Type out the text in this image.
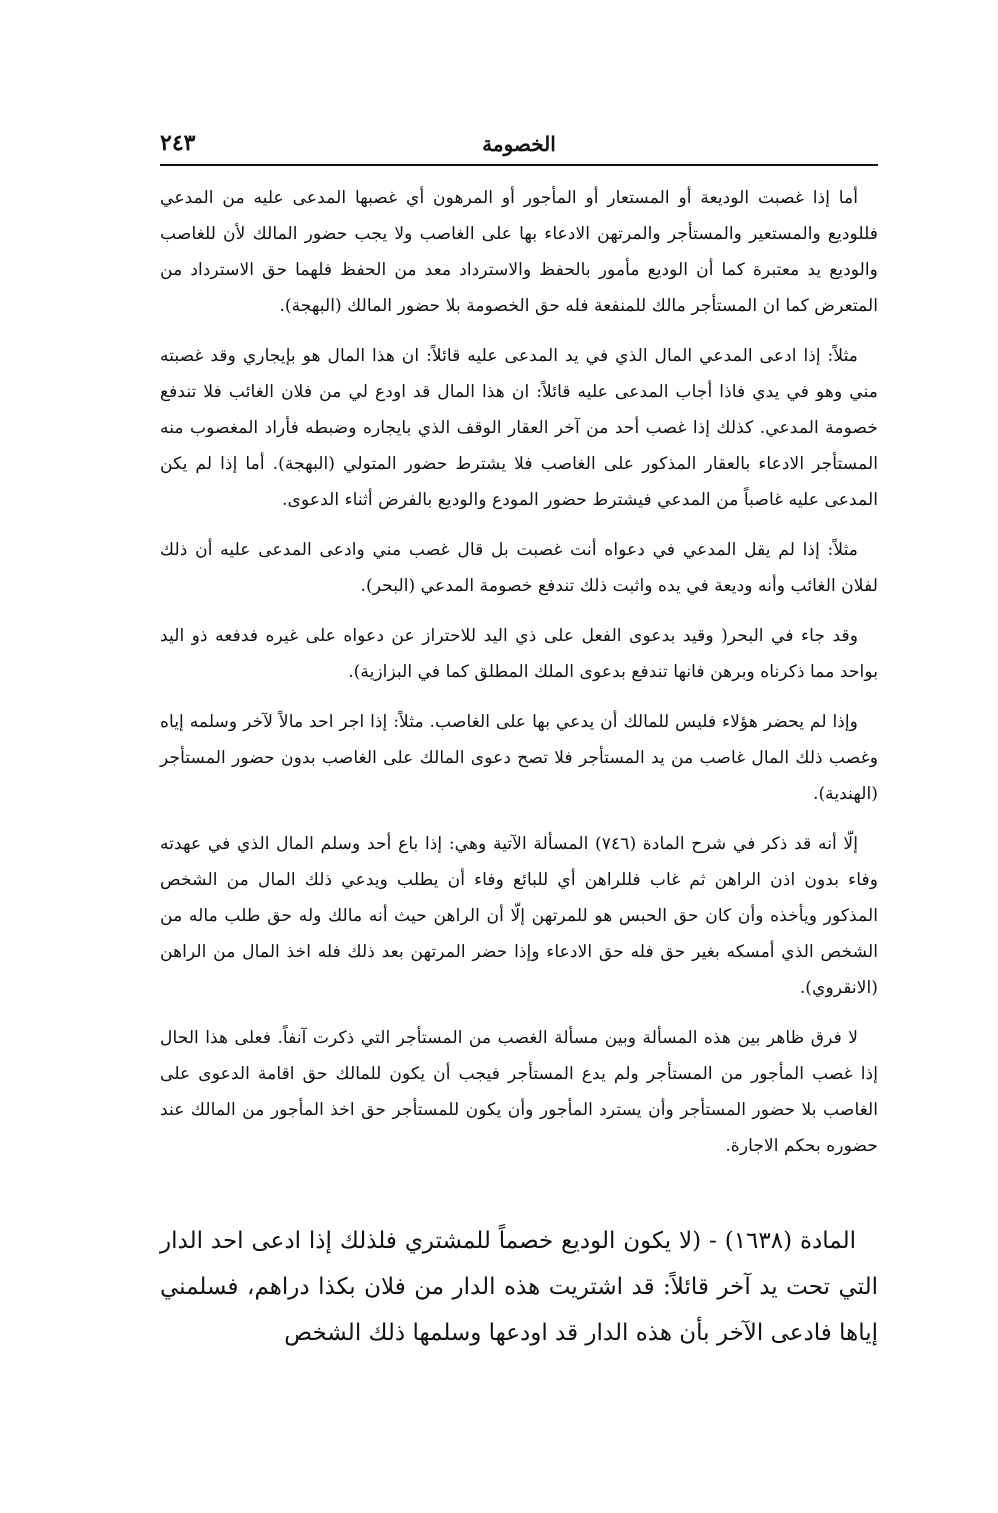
الخصومة
٢٤٣

أما إذا غصبت الوديعة أو المستعار أو المأجور أو المرهون أي غصبها المدعى عليه من المدعي فللوديع والمستعير والمستأجر والمرتهن الادعاء بها على الغاصب ولا يجب حضور المالك لأن للغاصب والوديع يد معتبرة كما أن الوديع مأمور بالحفظ والاسترداد معد من الحفظ فلهما حق الاسترداد من المتعرض كما ان المستأجر مالك للمنفعة فله حق الخصومة بلا حضور المالك (البهجة).

مثلاً: إذا ادعى المدعي المال الذي في يد المدعى عليه قائلاً: ان هذا المال هو بإيجاري وقد غصبته مني وهو في يدي فاذا أجاب المدعى عليه قائلاً: ان هذا المال قد اودع لي من فلان الغائب فلا تندفع خصومة المدعي. كذلك إذا غصب أحد من آخر العقار الوقف الذي بايجاره وضبطه فأراد المغصوب منه المستأجر الادعاء بالعقار المذكور على الغاصب فلا يشترط حضور المتولي (البهجة). أما إذا لم يكن المدعى عليه غاصباً من المدعي فيشترط حضور المودع والوديع بالفرض أثناء الدعوى.

مثلاً: إذا لم يقل المدعي في دعواه أنت غصبت بل قال غصب مني وادعى المدعى عليه أن ذلك لفلان الغائب وأنه وديعة في يده واثبت ذلك تندفع خصومة المدعي (البحر).

وقد جاء في البحر( وقيد بدعوى الفعل على ذي اليد للاحتراز عن دعواه على غيره فدفعه ذو اليد بواحد مما ذكرناه وبرهن فانها تندفع بدعوى الملك المطلق كما في البزازية).

وإذا لم يحضر هؤلاء فليس للمالك أن يدعي بها على الغاصب. مثلاً: إذا اجر احد مالاً لآخر وسلمه إياه وغصب ذلك المال غاصب من يد المستأجر فلا تصح دعوى المالك على الغاصب بدون حضور المستأجر (الهندية).

إلّا أنه قد ذكر في شرح المادة (٧٤٦) المسألة الآتية وهي: إذا باع أحد وسلم المال الذي في عهدته وفاء بدون اذن الراهن ثم غاب فللراهن أي للبائع وفاء أن يطلب ويدعي ذلك المال من الشخص المذكور ويأخذه وأن كان حق الحبس هو للمرتهن إلّا أن الراهن حيث أنه مالك وله حق طلب ماله من الشخص الذي أمسكه بغير حق فله حق الادعاء وإذا حضر المرتهن بعد ذلك فله اخذ المال من الراهن (الانقروي).

لا فرق ظاهر بين هذه المسألة وبين مسألة الغصب من المستأجر التي ذكرت آنفاً. فعلى هذا الحال إذا غصب المأجور من المستأجر ولم يدع المستأجر فيجب أن يكون للمالك حق اقامة الدعوى على الغاصب بلا حضور المستأجر وأن يسترد المأجور وأن يكون للمستأجر حق اخذ المأجور من المالك عند حضوره بحكم الاجارة.

المادة (١٦٣٨) - (لا يكون الوديع خصماً للمشتري فلذلك إذا ادعى احد الدار التي تحت يد آخر قائلاً: قد اشتريت هذه الدار من فلان بكذا دراهم، فسلمني إياها فادعى الآخر بأن هذه الدار قد اودعها وسلمها ذلك الشخص
